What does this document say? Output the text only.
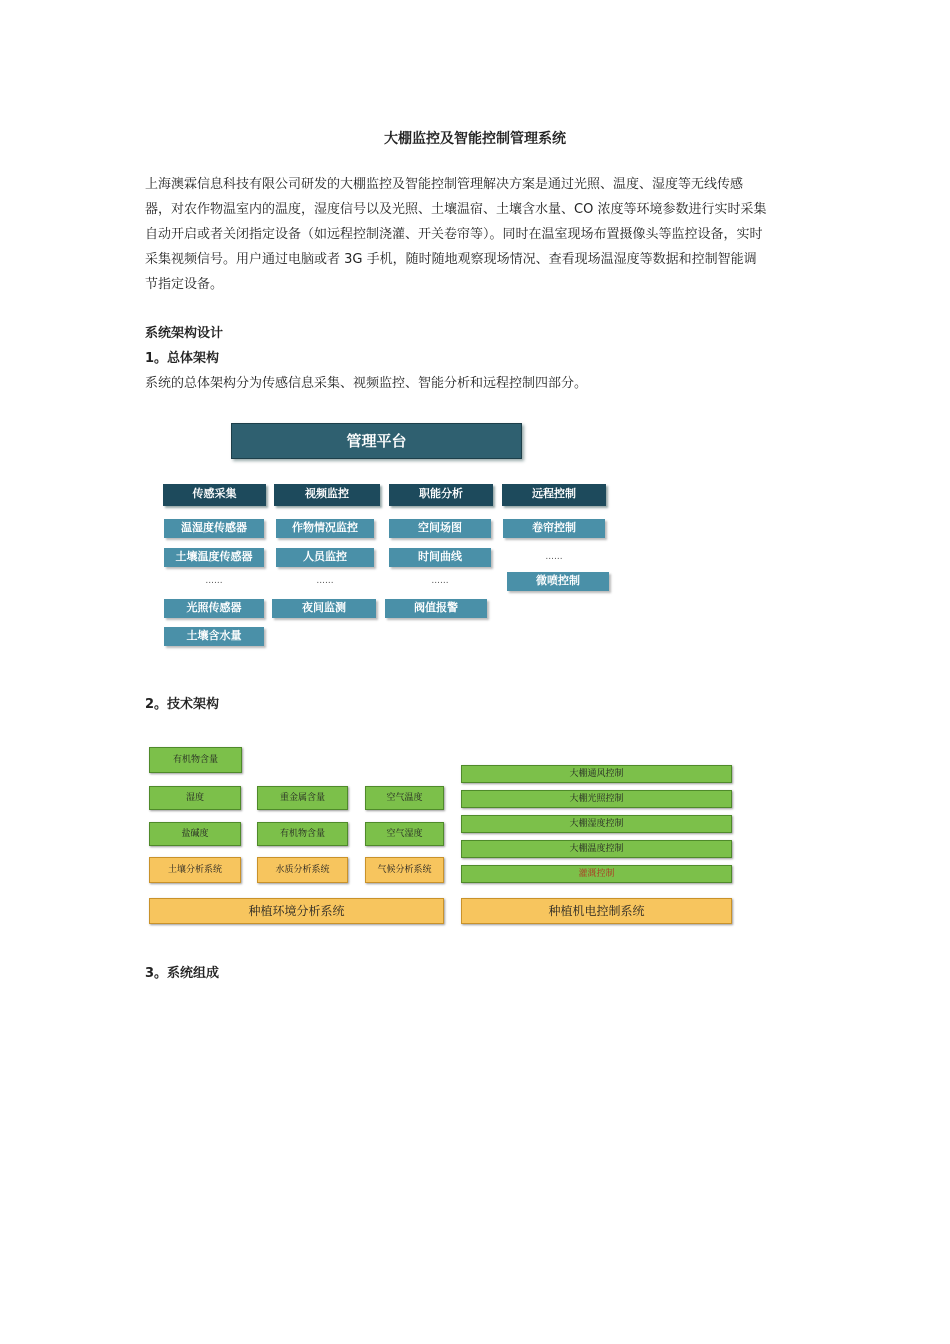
大棚监控及智能控制管理系统

上海澳霖信息科技有限公司研发的大棚监控及智能控制管理解决方案是通过光照、温度、湿度等无线传感
器，对农作物温室内的温度，湿度信号以及光照、土壤温宿、土壤含水量、CO 浓度等环境参数进行实时采集
自动开启或者关闭指定设备（如远程控制浇灌、开关卷帘等）。同时在温室现场布置摄像头等监控设备，实时
采集视频信号。用户通过电脑或者 3G 手机，随时随地观察现场情况、查看现场温湿度等数据和控制智能调
节指定设备。

系统架构设计

1。总体架构

系统的总体架构分为传感信息采集、视频监控、智能分析和远程控制四部分。

管理平台
传感采集	视频监控	职能分析	远程控制
温湿度传感器
土壤温度传感器
......
光照传感器
土壤含水量
作物情况监控
人员监控
......
夜间监测
空间场图
时间曲线
......
阀值报警
卷帘控制
......
微喷控制

2。技术架构

有机物含量
重金属含量	空气温度
湿度
盐碱度	有机物含量	空气湿度
土壤分析系统	水质分析系统	气候分析系统
种植环境分析系统
大棚通风控制
大棚光照控制
大棚湿度控制
大棚温度控制
灌溉控制
种植机电控制系统

3。系统组成
